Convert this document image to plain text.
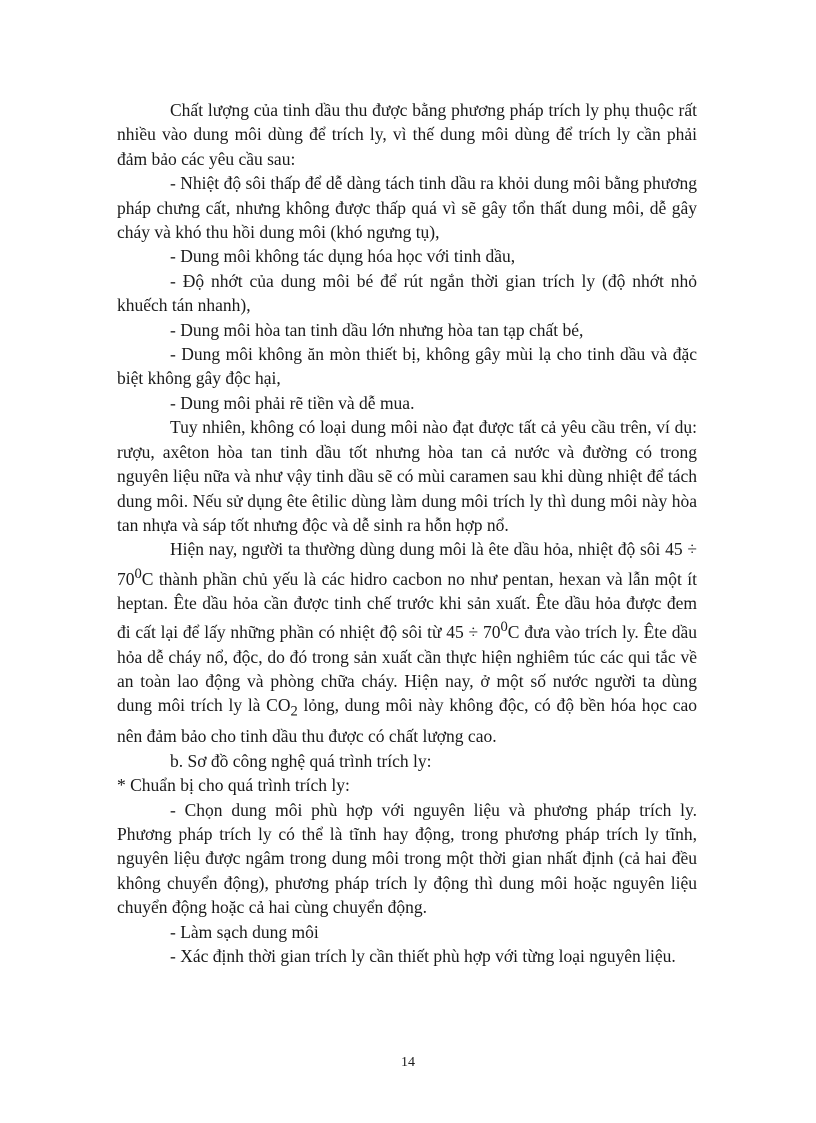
Chất lượng của tinh dầu thu được bằng phương pháp trích ly phụ thuộc rất nhiều vào dung môi dùng để trích ly, vì thế dung môi dùng để trích ly cần phải đảm bảo các yêu cầu sau:

- Nhiệt độ sôi thấp để dễ dàng tách tinh dầu ra khỏi dung môi bằng phương pháp chưng cất, nhưng không được thấp quá vì sẽ gây tổn thất dung môi, dễ gây cháy và khó thu hồi dung môi (khó ngưng tụ),

- Dung môi không tác dụng hóa học với tinh dầu,

- Độ nhớt của dung môi bé để rút ngắn thời gian trích ly (độ nhớt nhỏ khuếch tán nhanh),

- Dung môi hòa tan tinh dầu lớn nhưng hòa tan tạp chất bé,

- Dung môi không ăn mòn thiết bị, không gây mùi lạ cho tinh dầu và đặc biệt không gây độc hại,

- Dung môi phải rẽ tiền và dễ mua.

Tuy nhiên, không có loại dung môi nào đạt được tất cả yêu cầu trên, ví dụ: rượu, axêton hòa tan tinh dầu tốt nhưng hòa tan cả nước và đường có trong nguyên liệu nữa và như vậy tinh dầu sẽ có mùi caramen sau khi dùng nhiệt để tách dung môi. Nếu sử dụng ête êtilic dùng làm dung môi trích ly thì dung môi này hòa tan nhựa và sáp tốt nhưng độc và dễ sinh ra hỗn hợp nổ.

Hiện nay, người ta thường dùng dung môi là ête dầu hỏa, nhiệt độ sôi $45 \div 70^0C$ thành phần chủ yếu là các hidro cacbon no như pentan, hexan và lẫn một ít heptan. Ête dầu hỏa cần được tinh chế trước khi sản xuất. Ête dầu hỏa được đem đi cất lại để lấy những phần có nhiệt độ sôi từ $45 \div 70^0C$ đưa vào trích ly. Ête dầu hỏa dễ cháy nổ, độc, do đó trong sản xuất cần thực hiện nghiêm túc các qui tắc về an toàn lao động và phòng chữa cháy. Hiện nay, ở một số nước người ta dùng dung môi trích ly là $CO_2$ lỏng, dung môi này không độc, có độ bền hóa học cao nên đảm bảo cho tinh dầu thu được có chất lượng cao.

b. Sơ đồ công nghệ quá trình trích ly:

* Chuẩn bị cho quá trình trích ly:

- Chọn dung môi phù hợp với nguyên liệu và phương pháp trích ly. Phương pháp trích ly có thể là tĩnh hay động, trong phương pháp trích ly tĩnh, nguyên liệu được ngâm trong dung môi trong một thời gian nhất định (cả hai đều không chuyển động), phương pháp trích ly động thì dung môi hoặc nguyên liệu chuyển động hoặc cả hai cùng chuyển động.

- Làm sạch dung môi

- Xác định thời gian trích ly cần thiết phù hợp với từng loại nguyên liệu.

14
